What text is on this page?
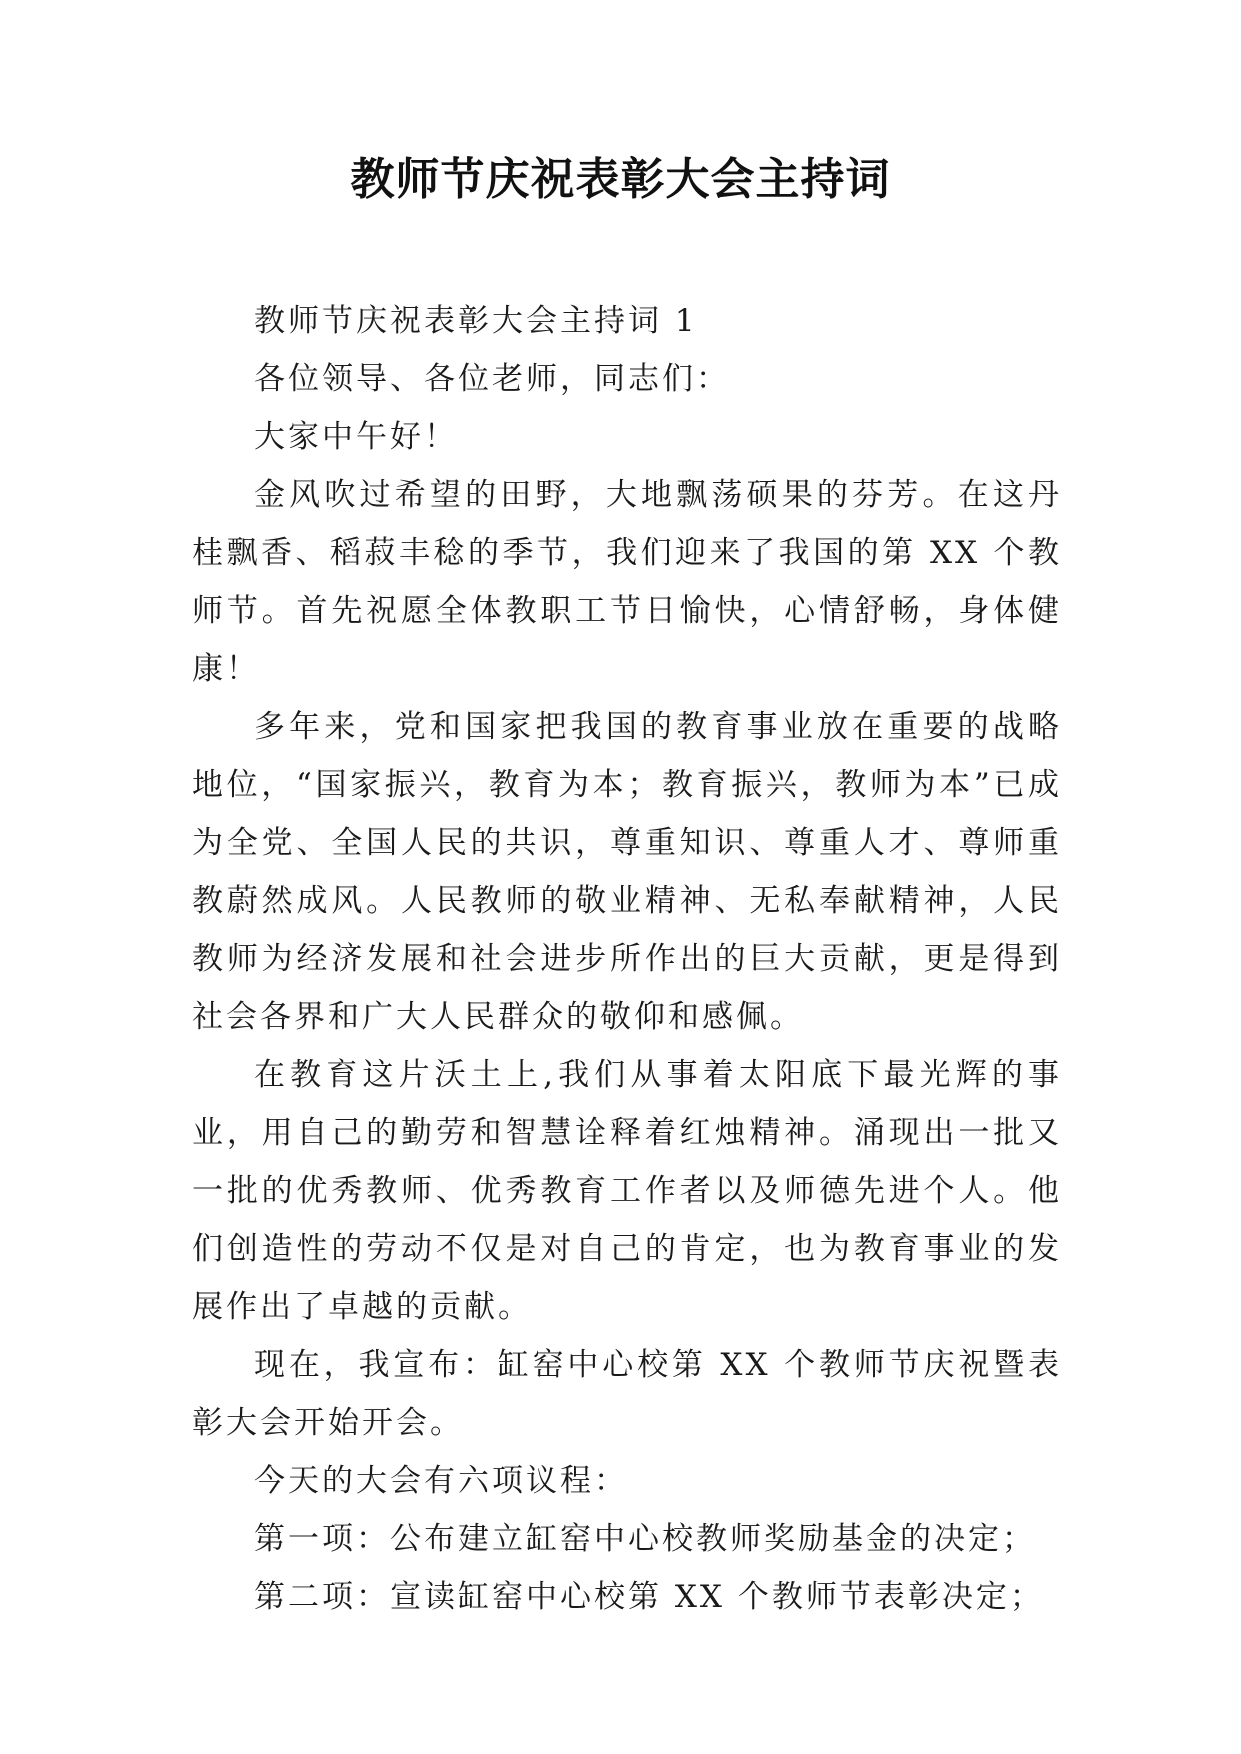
教师节庆祝表彰大会主持词

教师节庆祝表彰大会主持词 1

各位领导、各位老师，同志们：

大家中午好！

金风吹过希望的田野，大地飘荡硕果的芬芳。在这丹桂飘香、稻菽丰稔的季节，我们迎来了我国的第 XX 个教师节。首先祝愿全体教职工节日愉快，心情舒畅，身体健康！

多年来，党和国家把我国的教育事业放在重要的战略地位，“国家振兴，教育为本；教育振兴，教师为本”已成为全党、全国人民的共识，尊重知识、尊重人才、尊师重教蔚然成风。人民教师的敬业精神、无私奉献精神，人民教师为经济发展和社会进步所作出的巨大贡献，更是得到社会各界和广大人民群众的敬仰和感佩。

在教育这片沃土上,我们从事着太阳底下最光辉的事业，用自己的勤劳和智慧诠释着红烛精神。涌现出一批又一批的优秀教师、优秀教育工作者以及师德先进个人。他们创造性的劳动不仅是对自己的肯定，也为教育事业的发展作出了卓越的贡献。

现在，我宣布：缸窑中心校第 XX 个教师节庆祝暨表彰大会开始开会。

今天的大会有六项议程：

第一项：公布建立缸窑中心校教师奖励基金的决定；

第二项：宣读缸窑中心校第 XX 个教师节表彰决定；
